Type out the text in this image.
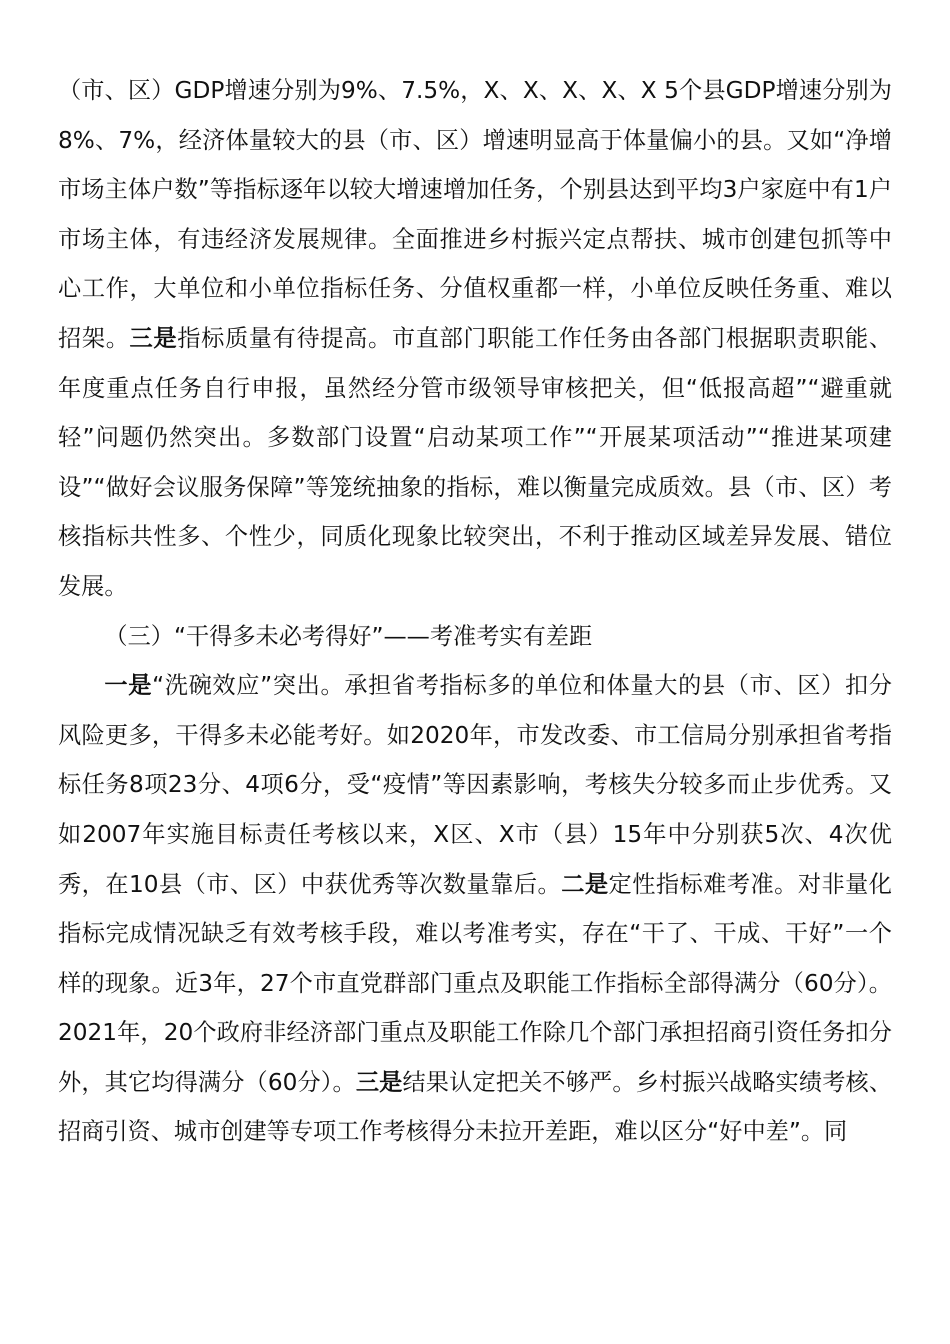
（市、区）GDP增速分别为9%、7.5%，X、X、X、X、X 5个县GDP增速分别为8%、7%，经济体量较大的县（市、区）增速明显高于体量偏小的县。又如“净增市场主体户数”等指标逐年以较大增速增加任务，个别县达到平均3户家庭中有1户市场主体，有违经济发展规律。全面推进乡村振兴定点帮扶、城市创建包抓等中心工作，大单位和小单位指标任务、分值权重都一样，小单位反映任务重、难以招架。三是指标质量有待提高。市直部门职能工作任务由各部门根据职责职能、年度重点任务自行申报，虽然经分管市级领导审核把关，但“低报高超”“避重就轻”问题仍然突出。多数部门设置“启动某项工作”“开展某项活动”“推进某项建设”“做好会议服务保障”等笼统抽象的指标，难以衡量完成质效。县（市、区）考核指标共性多、个性少，同质化现象比较突出，不利于推动区域差异发展、错位发展。

（三）“干得多未必考得好”——考准考实有差距

一是“洗碗效应”突出。承担省考指标多的单位和体量大的县（市、区）扣分风险更多，干得多未必能考好。如2020年，市发改委、市工信局分别承担省考指标任务8项23分、4项6分，受“疫情”等因素影响，考核失分较多而止步优秀。又如2007年实施目标责任考核以来，X区、X市（县）15年中分别获5次、4次优秀，在10县（市、区）中获优秀等次数量靠后。二是定性指标难考准。对非量化指标完成情况缺乏有效考核手段，难以考准考实，存在“干了、干成、干好”一个样的现象。近3年，27个市直党群部门重点及职能工作指标全部得满分（60分）。2021年，20个政府非经济部门重点及职能工作除几个部门承担招商引资任务扣分外，其它均得满分（60分）。三是结果认定把关不够严。乡村振兴战略实绩考核、招商引资、城市创建等专项工作考核得分未拉开差距，难以区分“好中差”。同
